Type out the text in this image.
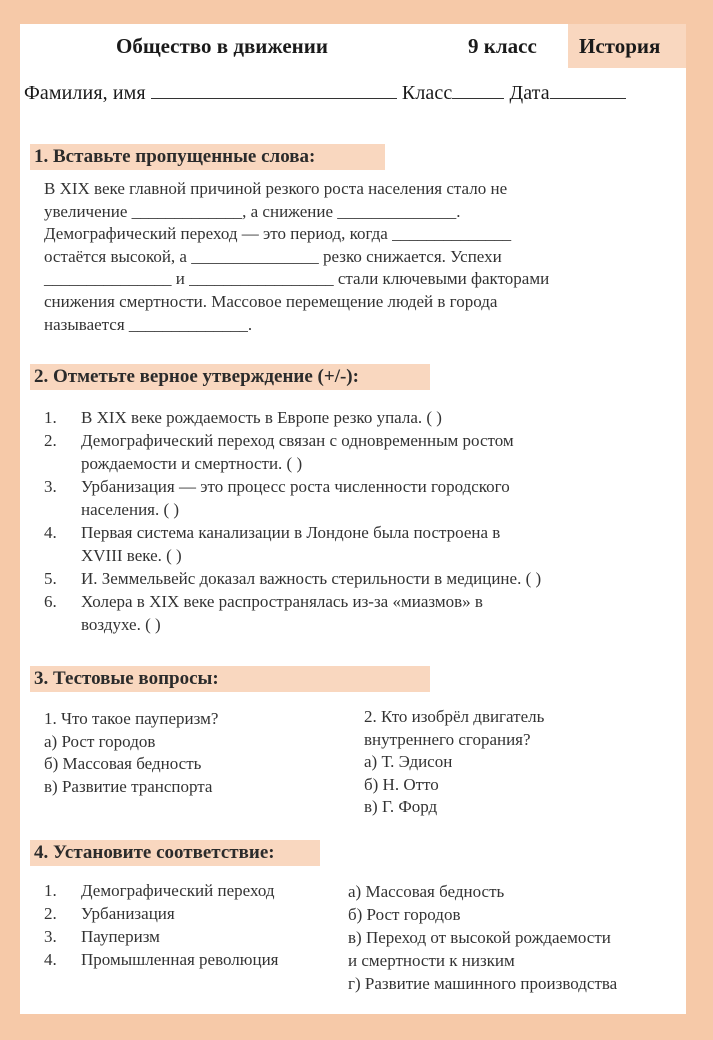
Общество в движении	9 класс История
Фамилия, имя	Класс	Дата
1. Вставьте пропущенные слова:
В XIX веке главной причиной резкого роста населения стало не
увеличение _____________, а снижение ______________.
Демографический переход — это период, когда ______________
остаётся высокой, а _______________ резко снижается. Успехи
_______________ и _________________ стали ключевыми факторами
снижения смертности. Массовое перемещение людей в города
называется ______________.
2. Отметьте верное утверждение (+/-):
1.	В XIX веке рождаемость в Европе резко упала. ( )
2.	Демографический переход связан с одновременным ростом
рождаемости и смертности. ( )
3.	Урбанизация — это процесс роста численности городского
населения. ( )
4.	Первая система канализации в Лондоне была построена в
XVIII веке. ( )
5.	И. Земмельвейс доказал важность стерильности в медицине. ( )
6.	Холера в XIX веке распространялась из-за «миазмов» в
воздухе. ( )
3. Тестовые вопросы:
1. Что такое пауперизм?
а) Рост городов
б) Массовая бедность
в) Развитие транспорта
2. Кто изобрёл двигатель
внутреннего сгорания?
а) Т. Эдисон
б) Н. Отто
в) Г. Форд
4. Установите соответствие:
1.	Демографический переход
2.	Урбанизация
3.	Пауперизм
4.	Промышленная революция
а) Массовая бедность
б) Рост городов
в) Переход от высокой рождаемости
и смертности к низким
г) Развитие машинного производства
